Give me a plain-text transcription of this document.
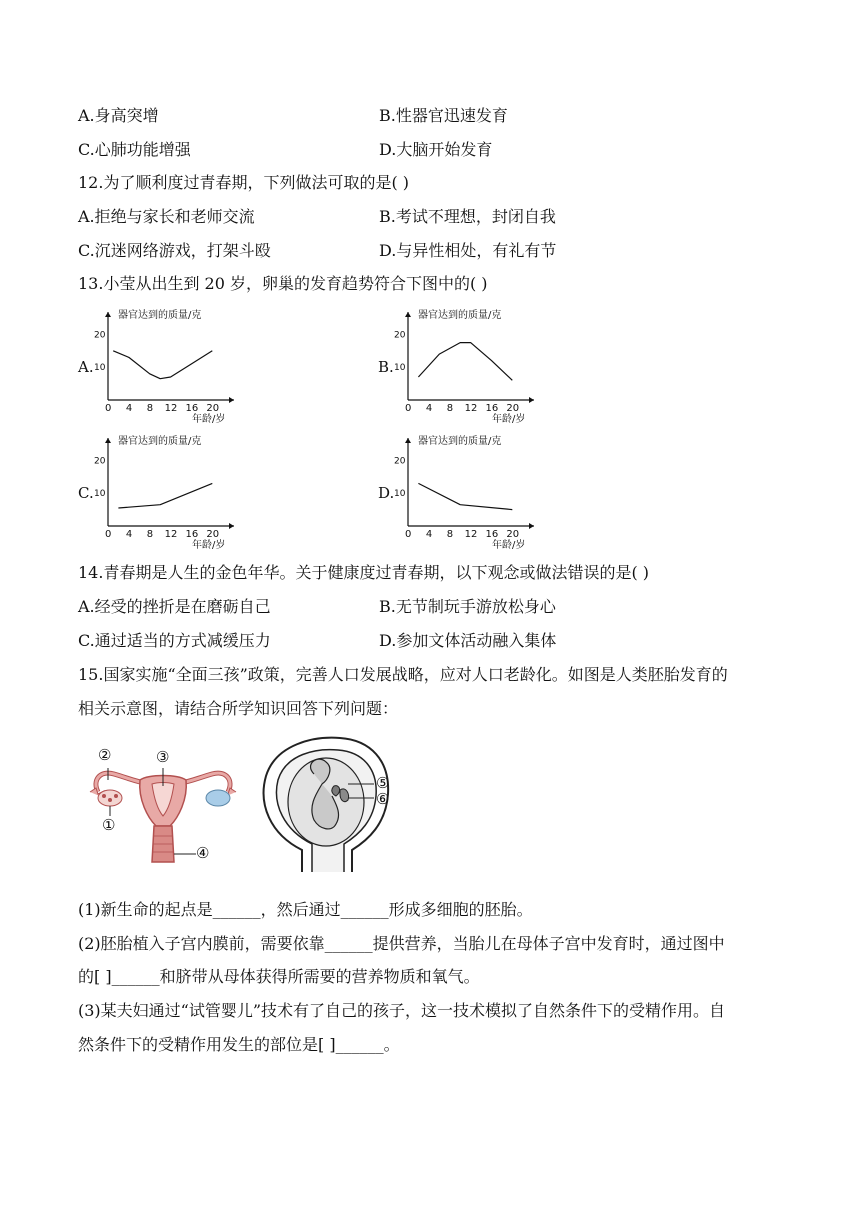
A.身高突增	B.性器官迅速发育
C.心肺功能增强	D.大脑开始发育
12.为了顺利度过青春期，下列做法可取的是( )
A.拒绝与家长和老师交流	B.考试不理想，封闭自我
C.沉迷网络游戏，打架斗殴	D.与异性相处，有礼有节
13.小莹从出生到 20 岁，卵巢的发育趋势符合下图中的( )
A.
器官达到的质量/克
年龄/岁
0 4 8 12 16 20
10
20
B.
器官达到的质量/克
年龄/岁
0 4 8 12 16 20
10
20
C.
器官达到的质量/克
年龄/岁
0 4 8 12 16 20
10
20
D.
器官达到的质量/克
年龄/岁
0 4 8 12 16 20
10
20
14.青春期是人生的金色年华。关于健康度过青春期，以下观念或做法错误的是( )
A.经受的挫折是在磨砺自己	B.无节制玩手游放松身心
C.通过适当的方式减缓压力	D.参加文体活动融入集体
15.国家实施“全面三孩”政策，完善人口发展战略，应对人口老龄化。如图是人类胚胎发育的
相关示意图，请结合所学知识回答下列问题：
②	③
①
④
⑤
⑥
(1)新生命的起点是______，然后通过______形成多细胞的胚胎。
(2)胚胎植入子宫内膜前，需要依靠______提供营养，当胎儿在母体子宫中发育时，通过图中
的[ ]______和脐带从母体获得所需要的营养物质和氧气。
(3)某夫妇通过“试管婴儿”技术有了自己的孩子，这一技术模拟了自然条件下的受精作用。自
然条件下的受精作用发生的部位是[ ]______。
